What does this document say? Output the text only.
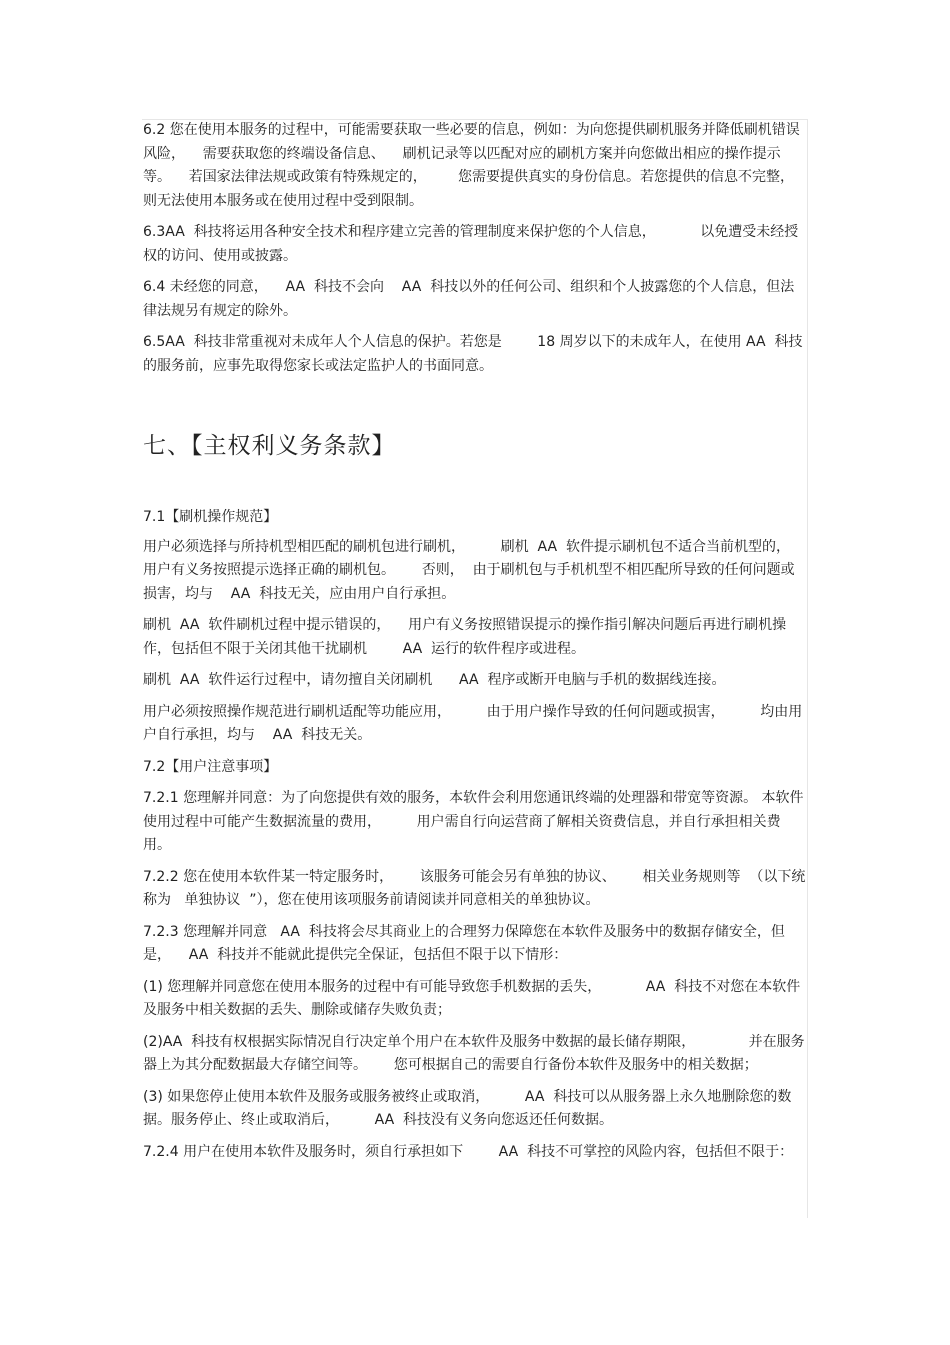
6.2 您在使用本服务的过程中，可能需要获取一些必要的信息，例如：为向您提供刷机服务并降低刷机错误风险，    需要获取您的终端设备信息、    刷机记录等以匹配对应的刷机方案并向您做出相应的操作提示等。    若国家法律法规或政策有特殊规定的，       您需要提供真实的身份信息。若您提供的信息不完整，则无法使用本服务或在使用过程中受到限制。

6.3AA  科技将运用各种安全技术和程序建立完善的管理制度来保护您的个人信息，          以免遭受未经授权的访问、使用或披露。

6.4 未经您的同意，    AA  科技不会向    AA  科技以外的任何公司、组织和个人披露您的个人信息，但法律法规另有规定的除外。

6.5AA  科技非常重视对未成年人个人信息的保护。若您是        18 周岁以下的未成年人，在使用 AA  科技的服务前，应事先取得您家长或法定监护人的书面同意。

七、【主权利义务条款】

7.1【刷机操作规范】

用户必须选择与所持机型相匹配的刷机包进行刷机，        刷机  AA  软件提示刷机包不适合当前机型的，  用户有义务按照提示选择正确的刷机包。      否则，  由于刷机包与手机机型不相匹配所导致的任何问题或损害，均与    AA  科技无关，应由用户自行承担。

刷机  AA  软件刷机过程中提示错误的，    用户有义务按照错误提示的操作指引解决问题后再进行刷机操作，包括但不限于关闭其他干扰刷机        AA  运行的软件程序或进程。

刷机  AA  软件运行过程中，请勿擅自关闭刷机      AA  程序或断开电脑与手机的数据线连接。

用户必须按照操作规范进行刷机适配等功能应用，        由于用户操作导致的任何问题或损害，        均由用户自行承担，均与    AA  科技无关。

7.2【用户注意事项】

7.2.1 您理解并同意：为了向您提供有效的服务，本软件会利用您通讯终端的处理器和带宽等资源。 本软件使用过程中可能产生数据流量的费用，        用户需自行向运营商了解相关资费信息，并自行承担相关费用。

7.2.2 您在使用本软件某一特定服务时，      该服务可能会另有单独的协议、      相关业务规则等  （以下统称为   单独协议  ”），您在使用该项服务前请阅读并同意相关的单独协议。

7.2.3 您理解并同意   AA  科技将会尽其商业上的合理努力保障您在本软件及服务中的数据存储安全，但是，    AA  科技并不能就此提供完全保证，包括但不限于以下情形：

(1) 您理解并同意您在使用本服务的过程中有可能导致您手机数据的丢失，          AA  科技不对您在本软件及服务中相关数据的丢失、删除或储存失败负责；

(2)AA  科技有权根据实际情况自行决定单个用户在本软件及服务中数据的最长储存期限，            并在服务器上为其分配数据最大存储空间等。      您可根据自己的需要自行备份本软件及服务中的相关数据；

(3) 如果您停止使用本软件及服务或服务被终止或取消，        AA  科技可以从服务器上永久地删除您的数据。服务停止、终止或取消后，        AA  科技没有义务向您返还任何数据。

7.2.4 用户在使用本软件及服务时，须自行承担如下        AA  科技不可掌控的风险内容，包括但不限于：
